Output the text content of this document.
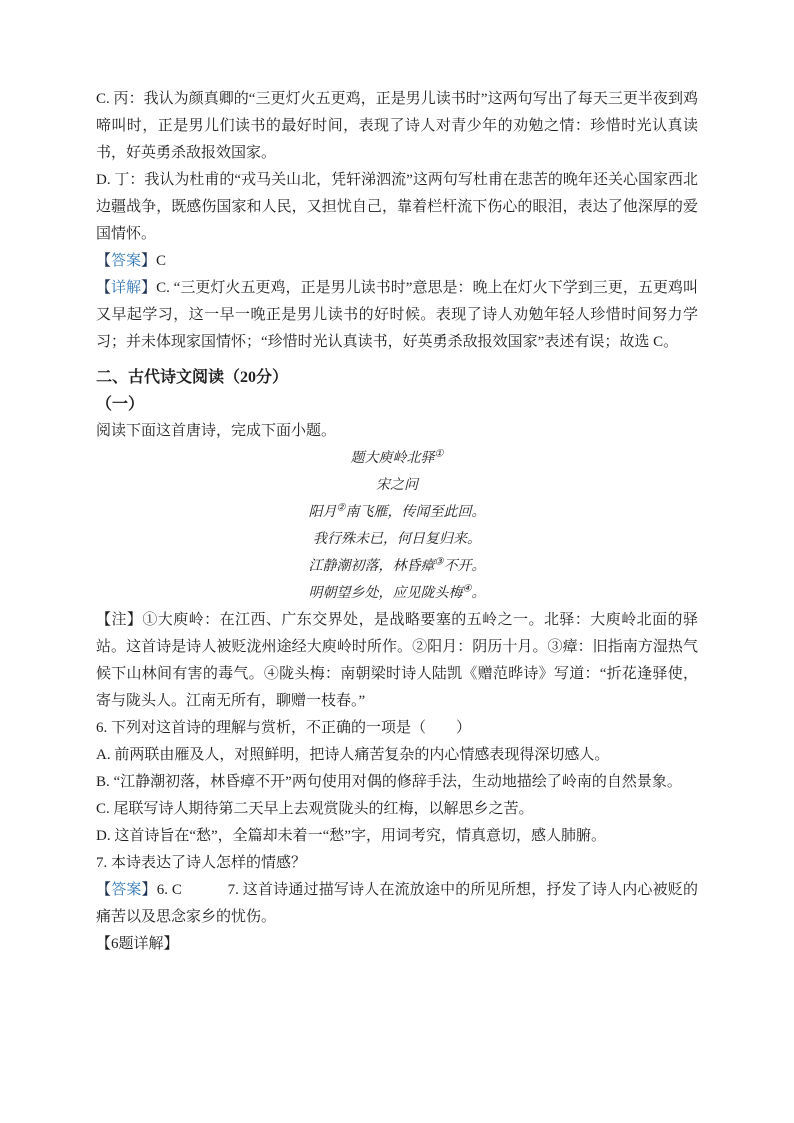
C. 丙：我认为颜真卿的“三更灯火五更鸡，正是男儿读书时”这两句写出了每天三更半夜到鸡啼叫时，正是男儿们读书的最好时间，表现了诗人对青少年的劝勉之情：珍惜时光认真读书，好英勇杀敌报效国家。

D. 丁：我认为杜甫的“戎马关山北，凭轩涕泗流”这两句写杜甫在悲苦的晚年还关心国家西北边疆战争，既感伤国家和人民，又担忧自己，靠着栏杆流下伤心的眼泪，表达了他深厚的爱国情怀。

【答案】C

【详解】C. “三更灯火五更鸡，正是男儿读书时”意思是：晚上在灯火下学到三更，五更鸡叫又早起学习，这一早一晚正是男儿读书的好时候。表现了诗人劝勉年轻人珍惜时间努力学习；并未体现家国情怀；“珍惜时光认真读书，好英勇杀敌报效国家”表述有误；故选 C。

二、古代诗文阅读（20分）

（一）

阅读下面这首唐诗，完成下面小题。

题大庾岭北驿①

宋之问

阳月②南飞雁，传闻至此回。

我行殊未已，何日复归来。

江静潮初落，林昏瘴③不开。

明朝望乡处，应见陇头梅④。

【注】①大庾岭：在江西、广东交界处，是战略要塞的五岭之一。北驿：大庾岭北面的驿站。这首诗是诗人被贬泷州途经大庾岭时所作。②阳月：阴历十月。③瘴：旧指南方湿热气候下山林间有害的毒气。④陇头梅：南朝梁时诗人陆凯《赠范晔诗》写道：“折花逢驿使，寄与陇头人。江南无所有，聊赠一枝春。”

6. 下列对这首诗的理解与赏析，不正确的一项是（　　）

A. 前两联由雁及人，对照鲜明，把诗人痛苦复杂的内心情感表现得深切感人。

B. “江静潮初落，林昏瘴不开”两句使用对偶的修辞手法，生动地描绘了岭南的自然景象。

C. 尾联写诗人期待第二天早上去观赏陇头的红梅，以解思乡之苦。

D. 这首诗旨在“愁”，全篇却未着一“愁”字，用词考究，情真意切，感人肺腑。

7. 本诗表达了诗人怎样的情感？

【答案】6. C　　　7. 这首诗通过描写诗人在流放途中的所见所想，抒发了诗人内心被贬的痛苦以及思念家乡的忧伤。

【6题详解】
